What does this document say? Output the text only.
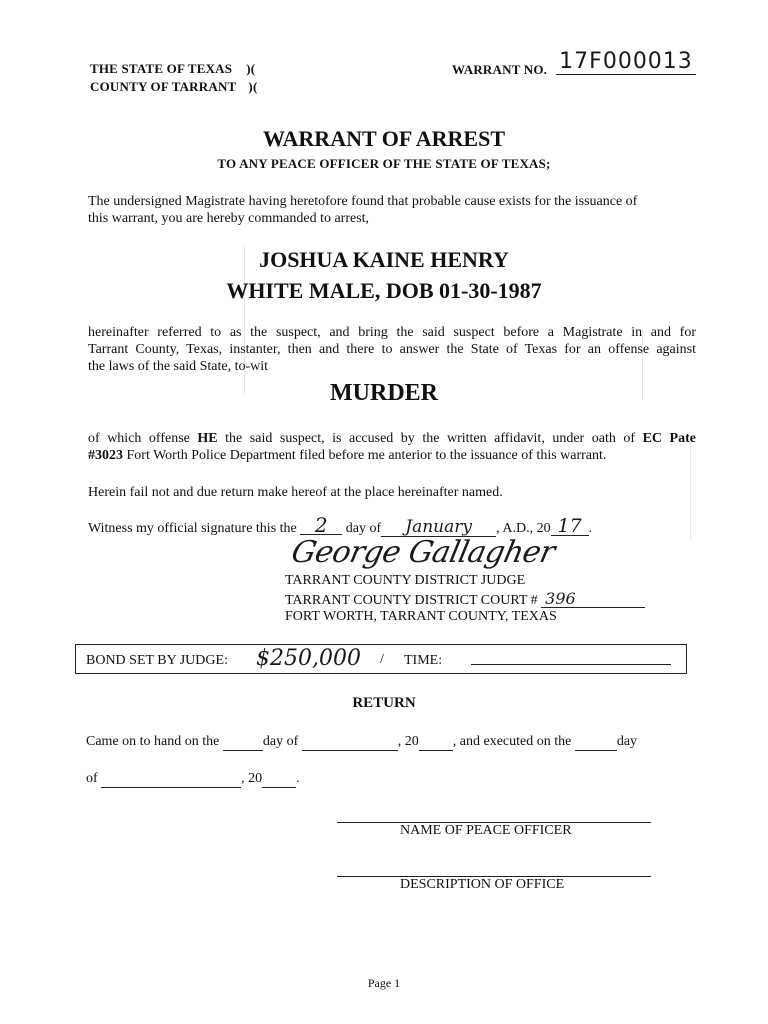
THE STATE OF TEXAS )(
COUNTY OF TARRANT )(
WARRANT NO. 17F000013
WARRANT OF ARREST
TO ANY PEACE OFFICER OF THE STATE OF TEXAS;
The undersigned Magistrate having heretofore found that probable cause exists for the issuance of
this warrant, you are hereby commanded to arrest,
JOSHUA KAINE HENRY
WHITE MALE, DOB 01-30-1987
hereinafter referred to as the suspect, and bring the said suspect before a Magistrate in and for
Tarrant County, Texas, instanter, then and there to answer the State of Texas for an offense against
the laws of the said State, to-wit
MURDER
of which offense HE the said suspect, is accused by the written affidavit, under oath of EC Pate
#3023 Fort Worth Police Department filed before me anterior to the issuance of this warrant.
Herein fail not and due return make hereof at the place hereinafter named.
Witness my official signature this the 2 day of January , A.D., 20 17 .
George Gallagher
TARRANT COUNTY DISTRICT JUDGE
TARRANT COUNTY DISTRICT COURT # 396
FORT WORTH, TARRANT COUNTY, TEXAS
BOND SET BY JUDGE: $250,000 / TIME:
RETURN
Came on to hand on the	day of	, 20 , and executed on the	day
of	, 20 .
NAME OF PEACE OFFICER
DESCRIPTION OF OFFICE
Page 1
